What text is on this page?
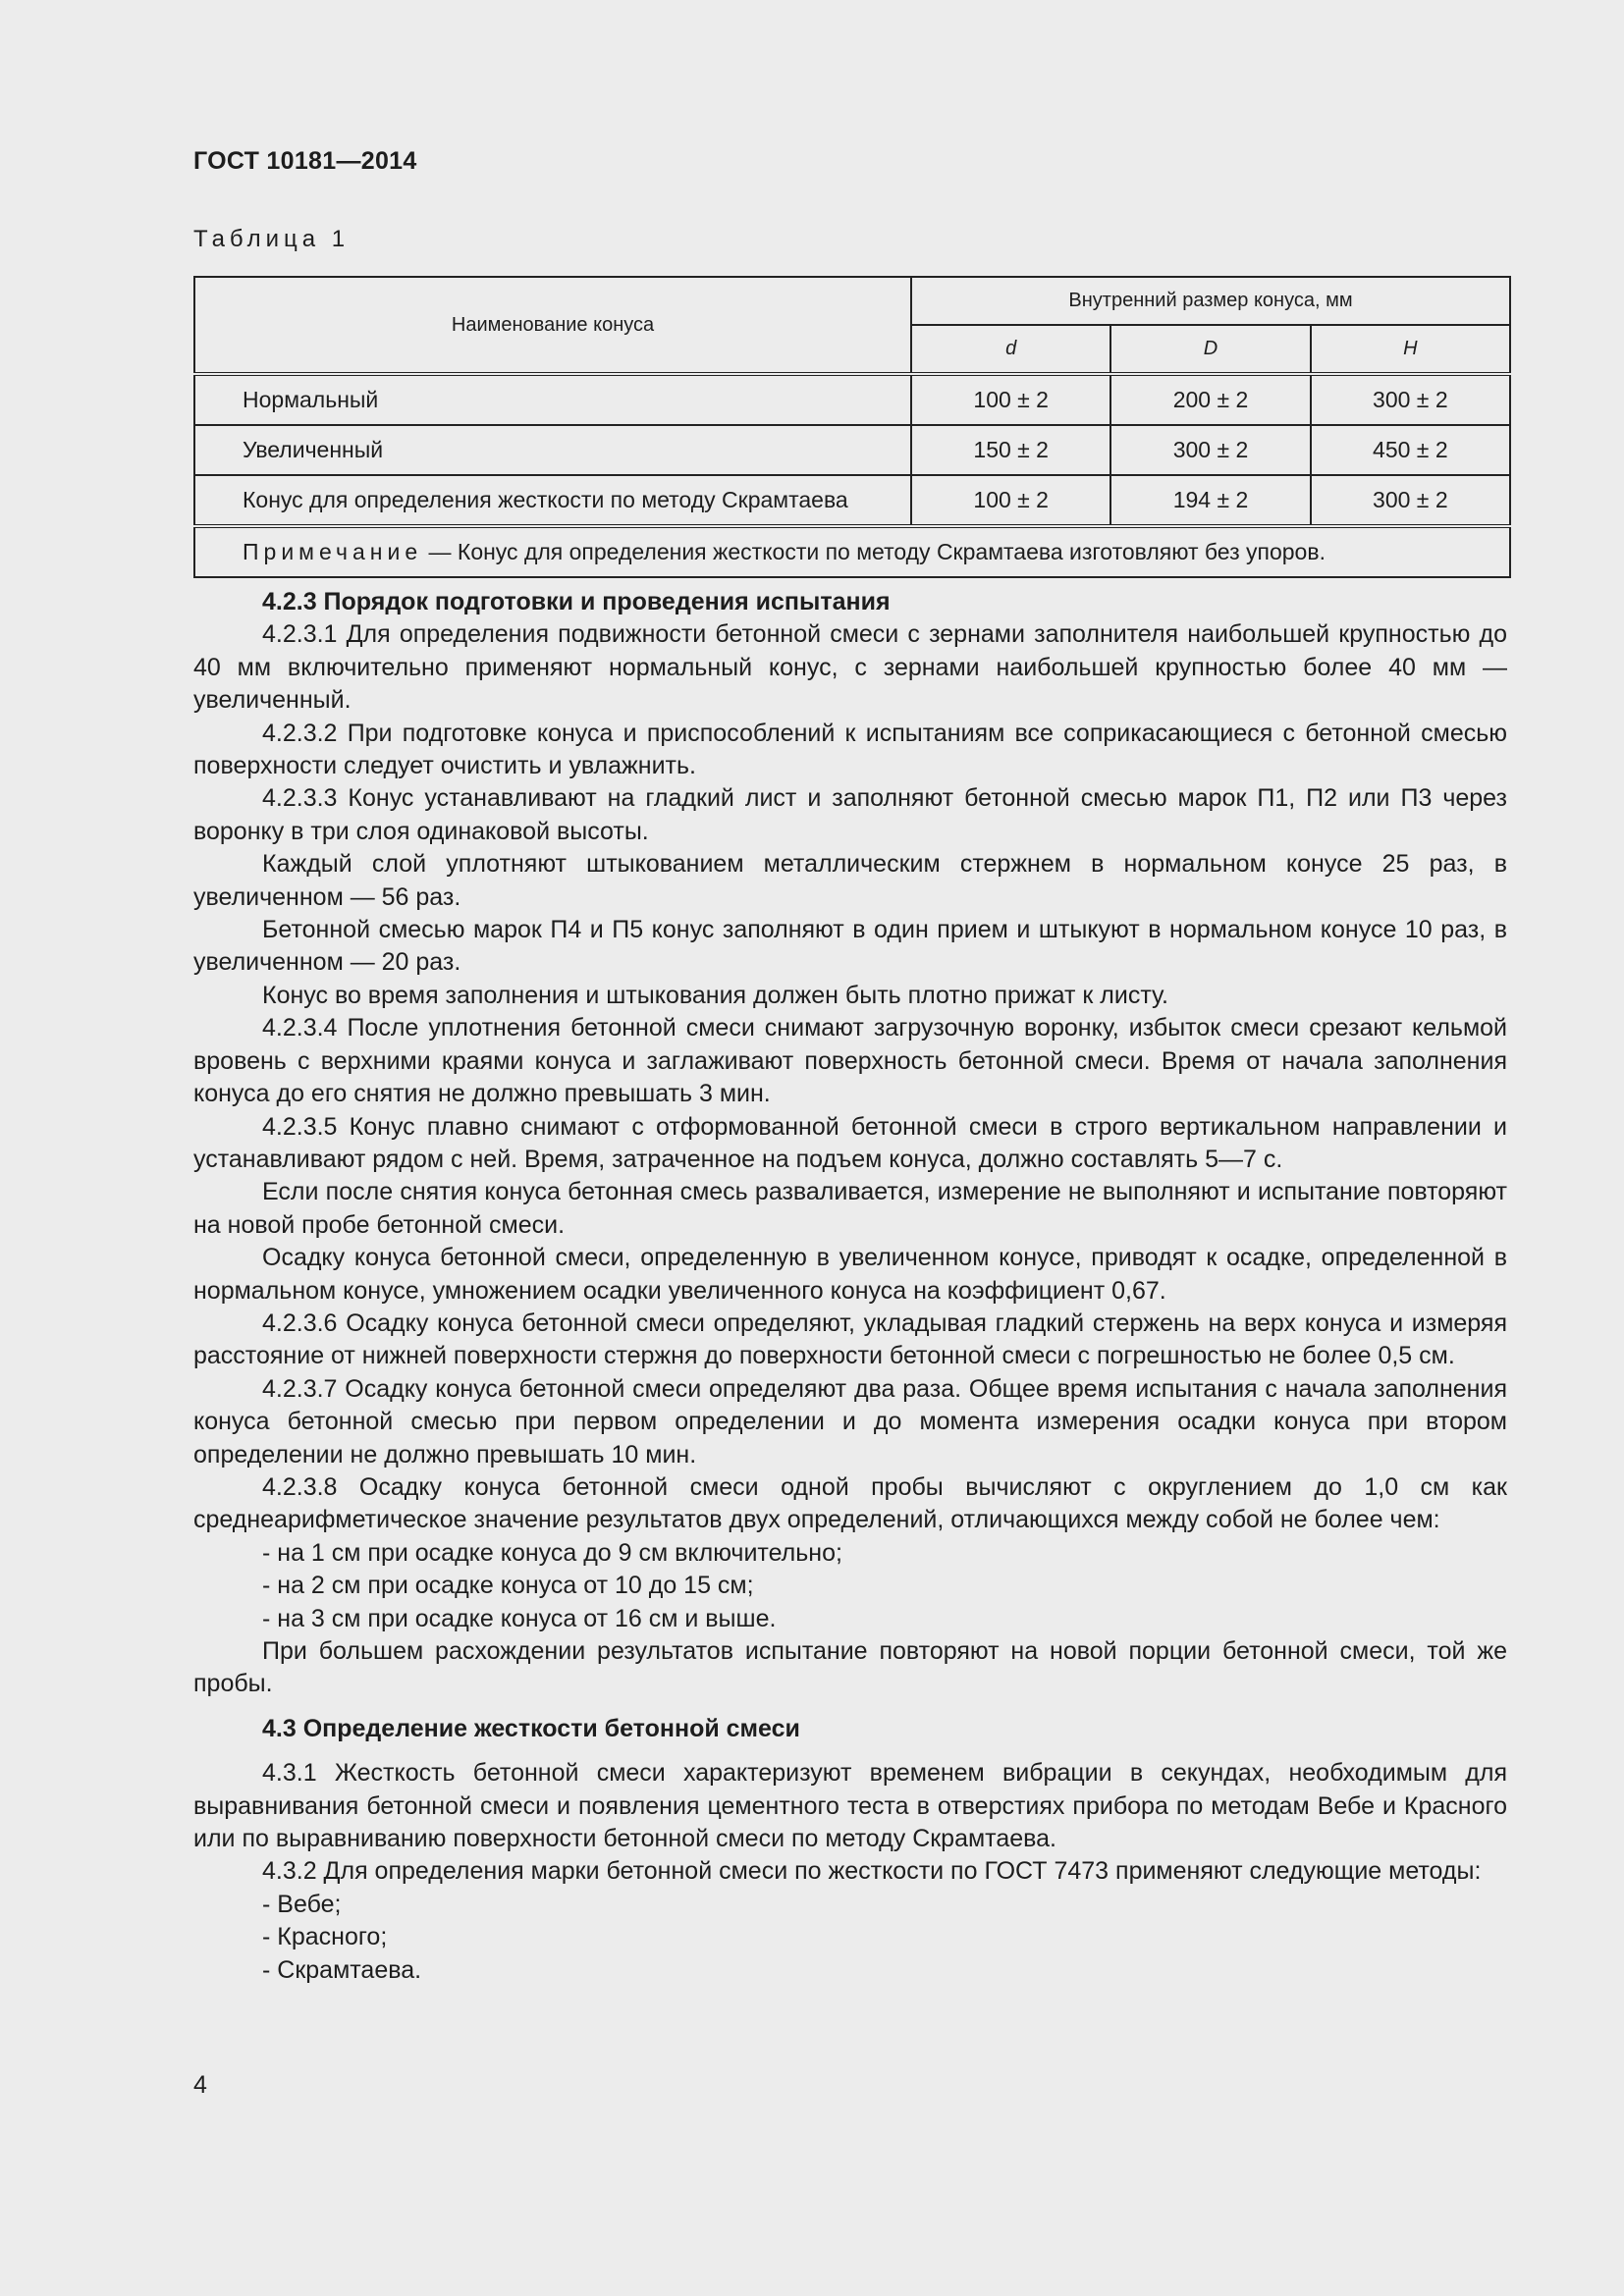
ГОСТ 10181—2014
Таблица 1
Наименование конуса	Внутренний размер конуса, мм		
	d	D	H
Нормальный	100 ± 2	200 ± 2	300 ± 2
Увеличенный	150 ± 2	300 ± 2	450 ± 2
Конус для определения жесткости по методу Скрамтаева	100 ± 2	194 ± 2	300 ± 2
Примечание — Конус для определения жесткости по методу Скрамтаева изготовляют без упоров.			

4.2.3 Порядок подготовки и проведения испытания

4.2.3.1 Для определения подвижности бетонной смеси с зернами заполнителя наибольшей крупностью до 40 мм включительно применяют нормальный конус, с зернами наибольшей крупностью более 40 мм — увеличенный.

4.2.3.2 При подготовке конуса и приспособлений к испытаниям все соприкасающиеся с бетонной смесью поверхности следует очистить и увлажнить.

4.2.3.3 Конус устанавливают на гладкий лист и заполняют бетонной смесью марок П1, П2 или П3 через воронку в три слоя одинаковой высоты.

Каждый слой уплотняют штыкованием металлическим стержнем в нормальном конусе 25 раз, в увеличенном — 56 раз.

Бетонной смесью марок П4 и П5 конус заполняют в один прием и штыкуют в нормальном конусе 10 раз, в увеличенном — 20 раз.

Конус во время заполнения и штыкования должен быть плотно прижат к листу.

4.2.3.4 После уплотнения бетонной смеси снимают загрузочную воронку, избыток смеси срезают кельмой вровень с верхними краями конуса и заглаживают поверхность бетонной смеси. Время от начала заполнения конуса до его снятия не должно превышать 3 мин.

4.2.3.5 Конус плавно снимают с отформованной бетонной смеси в строго вертикальном направлении и устанавливают рядом с ней. Время, затраченное на подъем конуса, должно составлять 5—7 с.

Если после снятия конуса бетонная смесь разваливается, измерение не выполняют и испытание повторяют на новой пробе бетонной смеси.

Осадку конуса бетонной смеси, определенную в увеличенном конусе, приводят к осадке, определенной в нормальном конусе, умножением осадки увеличенного конуса на коэффициент 0,67.

4.2.3.6 Осадку конуса бетонной смеси определяют, укладывая гладкий стержень на верх конуса и измеряя расстояние от нижней поверхности стержня до поверхности бетонной смеси с погрешностью не более 0,5 см.

4.2.3.7 Осадку конуса бетонной смеси определяют два раза. Общее время испытания с начала заполнения конуса бетонной смесью при первом определении и до момента измерения осадки конуса при втором определении не должно превышать 10 мин.

4.2.3.8 Осадку конуса бетонной смеси одной пробы вычисляют с округлением до 1,0 см как среднеарифметическое значение результатов двух определений, отличающихся между собой не более чем:

- на 1 см при осадке конуса до 9 см включительно;

- на 2 см при осадке конуса от 10 до 15 см;

- на 3 см при осадке конуса от 16 см и выше.

При большем расхождении результатов испытание повторяют на новой порции бетонной смеси, той же пробы.

4.3 Определение жесткости бетонной смеси

4.3.1 Жесткость бетонной смеси характеризуют временем вибрации в секундах, необходимым для выравнивания бетонной смеси и появления цементного теста в отверстиях прибора по методам Вебе и Красного или по выравниванию поверхности бетонной смеси по методу Скрамтаева.

4.3.2 Для определения марки бетонной смеси по жесткости по ГОСТ 7473 применяют следующие методы:

- Вебе;

- Красного;

- Скрамтаева.

4
